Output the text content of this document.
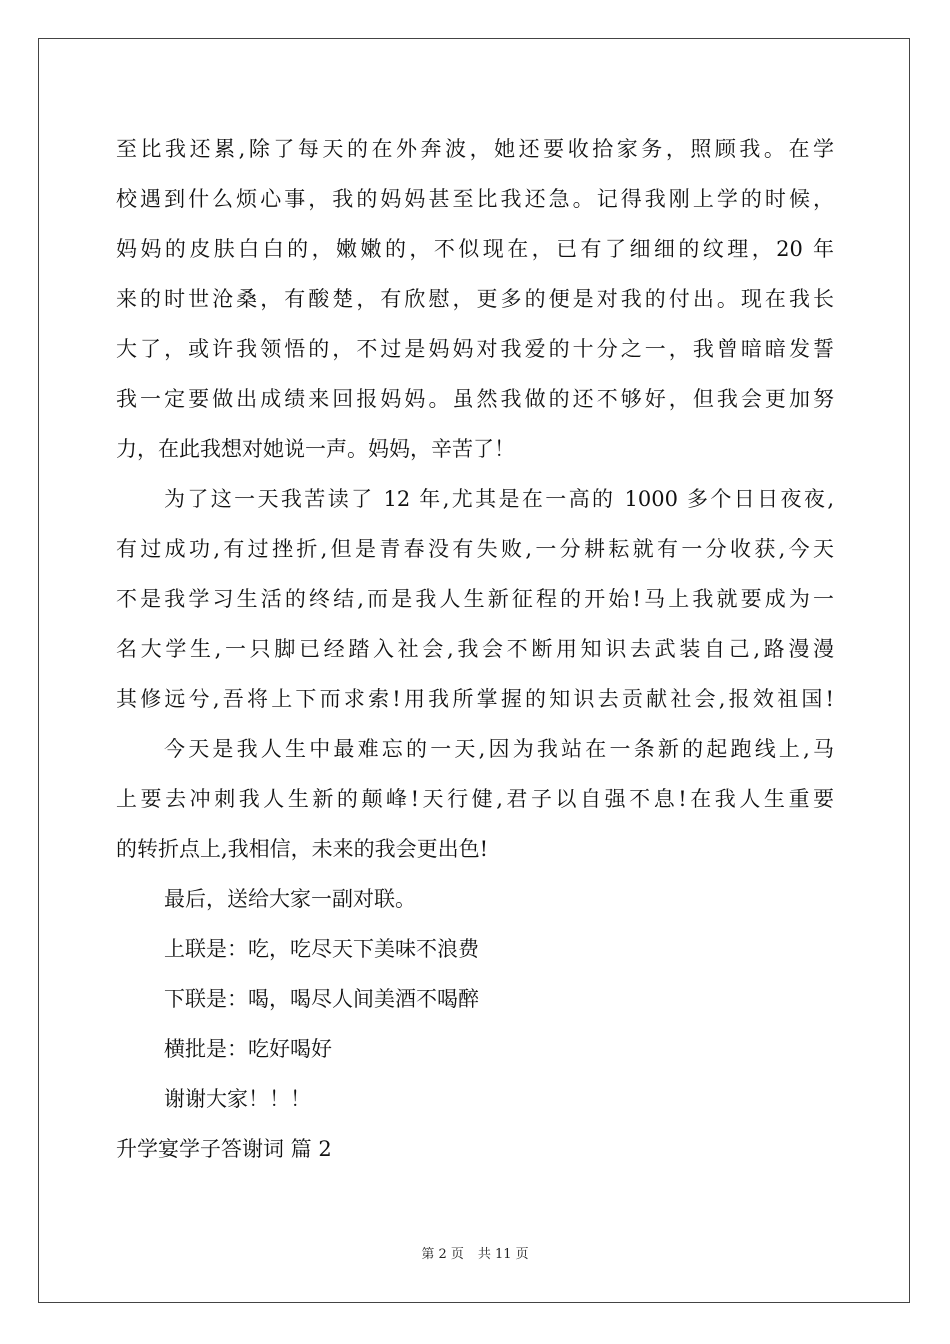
至比我还累,除了每天的在外奔波，她还要收拾家务，照顾我。在学
校遇到什么烦心事，我的妈妈甚至比我还急。记得我刚上学的时候，
妈妈的皮肤白白的，嫩嫩的，不似现在，已有了细细的纹理，20 年
来的时世沧桑，有酸楚，有欣慰，更多的便是对我的付出。现在我长
大了，或许我领悟的，不过是妈妈对我爱的十分之一，我曾暗暗发誓
我一定要做出成绩来回报妈妈。虽然我做的还不够好，但我会更加努
力，在此我想对她说一声。妈妈，辛苦了！
为了这一天我苦读了 12 年,尤其是在一高的 1000 多个日日夜夜,
有过成功,有过挫折,但是青春没有失败,一分耕耘就有一分收获,今天
不是我学习生活的终结,而是我人生新征程的开始!马上我就要成为一
名大学生,一只脚已经踏入社会,我会不断用知识去武装自己,路漫漫
其修远兮,吾将上下而求索!用我所掌握的知识去贡献社会,报效祖国!
今天是我人生中最难忘的一天,因为我站在一条新的起跑线上,马
上要去冲刺我人生新的颠峰!天行健,君子以自强不息!在我人生重要
的转折点上,我相信，未来的我会更出色!
最后，送给大家一副对联。
上联是：吃，吃尽天下美味不浪费
下联是：喝，喝尽人间美酒不喝醉
横批是：吃好喝好
谢谢大家！！！
升学宴学子答谢词 篇 2
第 2 页 共 11 页
